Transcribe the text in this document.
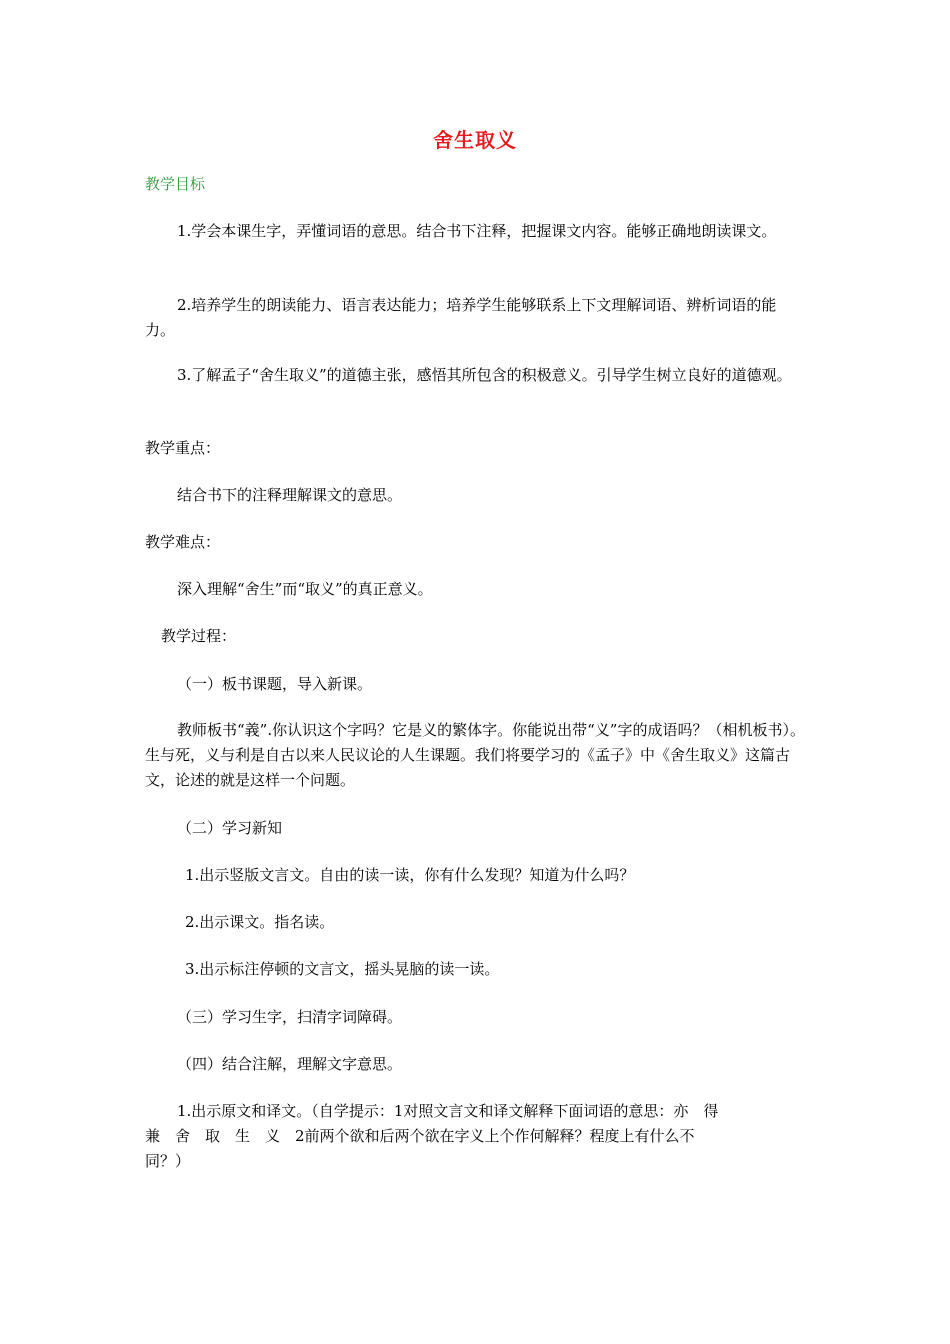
舍生取义
教学目标
1.学会本课生字，弄懂词语的意思。结合书下注释，把握课文内容。能够正确地朗读课文。
2.培养学生的朗读能力、语言表达能力；培养学生能够联系上下文理解词语、辨析词语的能力。
3.了解孟子“舍生取义”的道德主张，感悟其所包含的积极意义。引导学生树立良好的道德观。
教学重点：
结合书下的注释理解课文的意思。
教学难点：
深入理解“舍生”而“取义”的真正意义。
教学过程：
（一）板书课题，导入新课。
教师板书“義”.你认识这个字吗？它是义的繁体字。你能说出带“义”字的成语吗？（相机板书）。生与死，义与利是自古以来人民议论的人生课题。我们将要学习的《孟子》中《舍生取义》这篇古文，论述的就是这样一个问题。
（二）学习新知
1.出示竖版文言文。自由的读一读，你有什么发现？知道为什么吗？
2.出示课文。指名读。
3.出示标注停顿的文言文，摇头晃脑的读一读。
（三）学习生字，扫清字词障碍。
（四）结合注解，理解文字意思。
1.出示原文和译文。（自学提示：1对照文言文和译文解释下面词语的意思：亦　得
兼　舍　取　生　义　2前两个欲和后两个欲在字义上个作何解释？程度上有什么不
同？）
